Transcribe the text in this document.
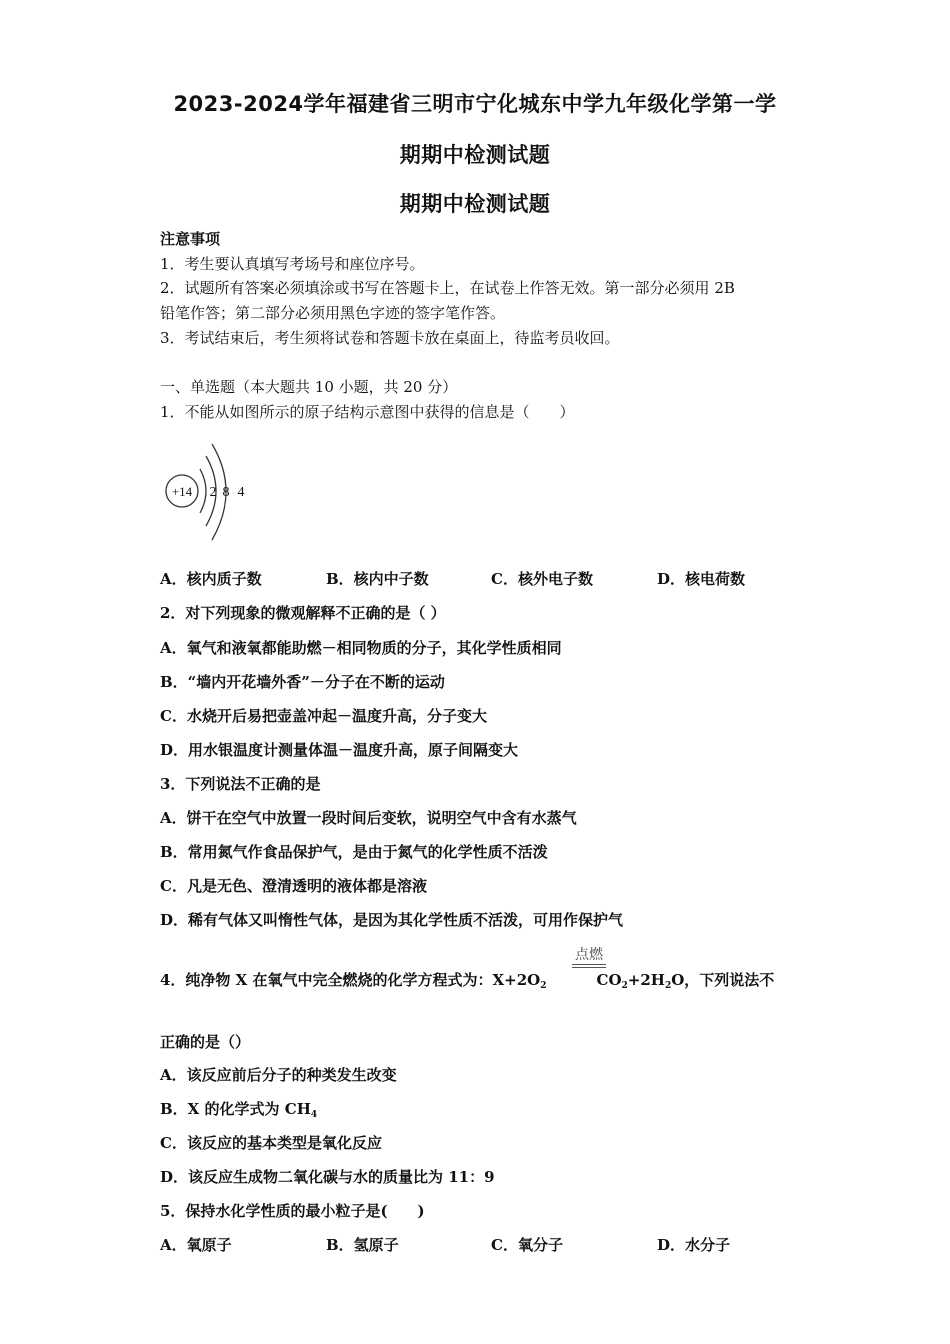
2023-2024学年福建省三明市宁化城东中学九年级化学第一学
期期中检测试题
期期中检测试题
注意事项
1．考生要认真填写考场号和座位序号。
2．试题所有答案必须填涂或书写在答题卡上，在试卷上作答无效。第一部分必须用 2B
铅笔作答；第二部分必须用黑色字迹的签字笔作答。
3．考试结束后，考生须将试卷和答题卡放在桌面上，待监考员收回。
一、单选题（本大题共 10 小题，共 20 分）
1．不能从如图所示的原子结构示意图中获得的信息是（　　）
+14 2 8 4
A．核内质子数	B．核内中子数	C．核外电子数	D．核电荷数
2．对下列现象的微观解释不正确的是（ ）
A．氧气和液氧都能助燃－相同物质的分子，其化学性质相同
B．“墙内开花墙外香”－分子在不断的运动
C．水烧开后易把壶盖冲起－温度升高，分子变大
D．用水银温度计测量体温－温度升高，原子间隔变大
3．下列说法不正确的是
A．饼干在空气中放置一段时间后变软，说明空气中含有水蒸气
B．常用氮气作食品保护气，是由于氮气的化学性质不活泼
C．凡是无色、澄清透明的液体都是溶液
D．稀有气体又叫惰性气体，是因为其化学性质不活泼，可用作保护气
点燃
4．纯净物 X 在氧气中完全燃烧的化学方程式为：$X+2O_2$	$CO_2+2H_2O$，下列说法不
正确的是（）
A．该反应前后分子的种类发生改变
B．X 的化学式为 $CH_4$
C．该反应的基本类型是氧化反应
D．该反应生成物二氧化碳与水的质量比为 11：9
5．保持水化学性质的最小粒子是(　　)
A．氧原子	B．氢原子	C．氧分子	D．水分子
